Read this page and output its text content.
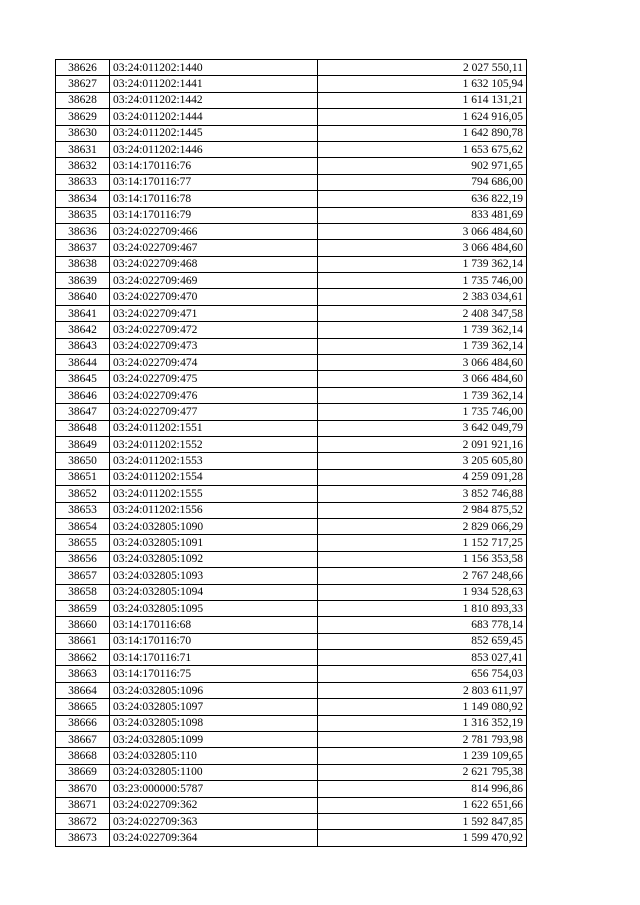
38626	03:24:011202:1440	2 027 550,11
38627	03:24:011202:1441	1 632 105,94
38628	03:24:011202:1442	1 614 131,21
38629	03:24:011202:1444	1 624 916,05
38630	03:24:011202:1445	1 642 890,78
38631	03:24:011202:1446	1 653 675,62
38632	03:14:170116:76	902 971,65
38633	03:14:170116:77	794 686,00
38634	03:14:170116:78	636 822,19
38635	03:14:170116:79	833 481,69
38636	03:24:022709:466	3 066 484,60
38637	03:24:022709:467	3 066 484,60
38638	03:24:022709:468	1 739 362,14
38639	03:24:022709:469	1 735 746,00
38640	03:24:022709:470	2 383 034,61
38641	03:24:022709:471	2 408 347,58
38642	03:24:022709:472	1 739 362,14
38643	03:24:022709:473	1 739 362,14
38644	03:24:022709:474	3 066 484,60
38645	03:24:022709:475	3 066 484,60
38646	03:24:022709:476	1 739 362,14
38647	03:24:022709:477	1 735 746,00
38648	03:24:011202:1551	3 642 049,79
38649	03:24:011202:1552	2 091 921,16
38650	03:24:011202:1553	3 205 605,80
38651	03:24:011202:1554	4 259 091,28
38652	03:24:011202:1555	3 852 746,88
38653	03:24:011202:1556	2 984 875,52
38654	03:24:032805:1090	2 829 066,29
38655	03:24:032805:1091	1 152 717,25
38656	03:24:032805:1092	1 156 353,58
38657	03:24:032805:1093	2 767 248,66
38658	03:24:032805:1094	1 934 528,63
38659	03:24:032805:1095	1 810 893,33
38660	03:14:170116:68	683 778,14
38661	03:14:170116:70	852 659,45
38662	03:14:170116:71	853 027,41
38663	03:14:170116:75	656 754,03
38664	03:24:032805:1096	2 803 611,97
38665	03:24:032805:1097	1 149 080,92
38666	03:24:032805:1098	1 316 352,19
38667	03:24:032805:1099	2 781 793,98
38668	03:24:032805:110	1 239 109,65
38669	03:24:032805:1100	2 621 795,38
38670	03:23:000000:5787	814 996,86
38671	03:24:022709:362	1 622 651,66
38672	03:24:022709:363	1 592 847,85
38673	03:24:022709:364	1 599 470,92
